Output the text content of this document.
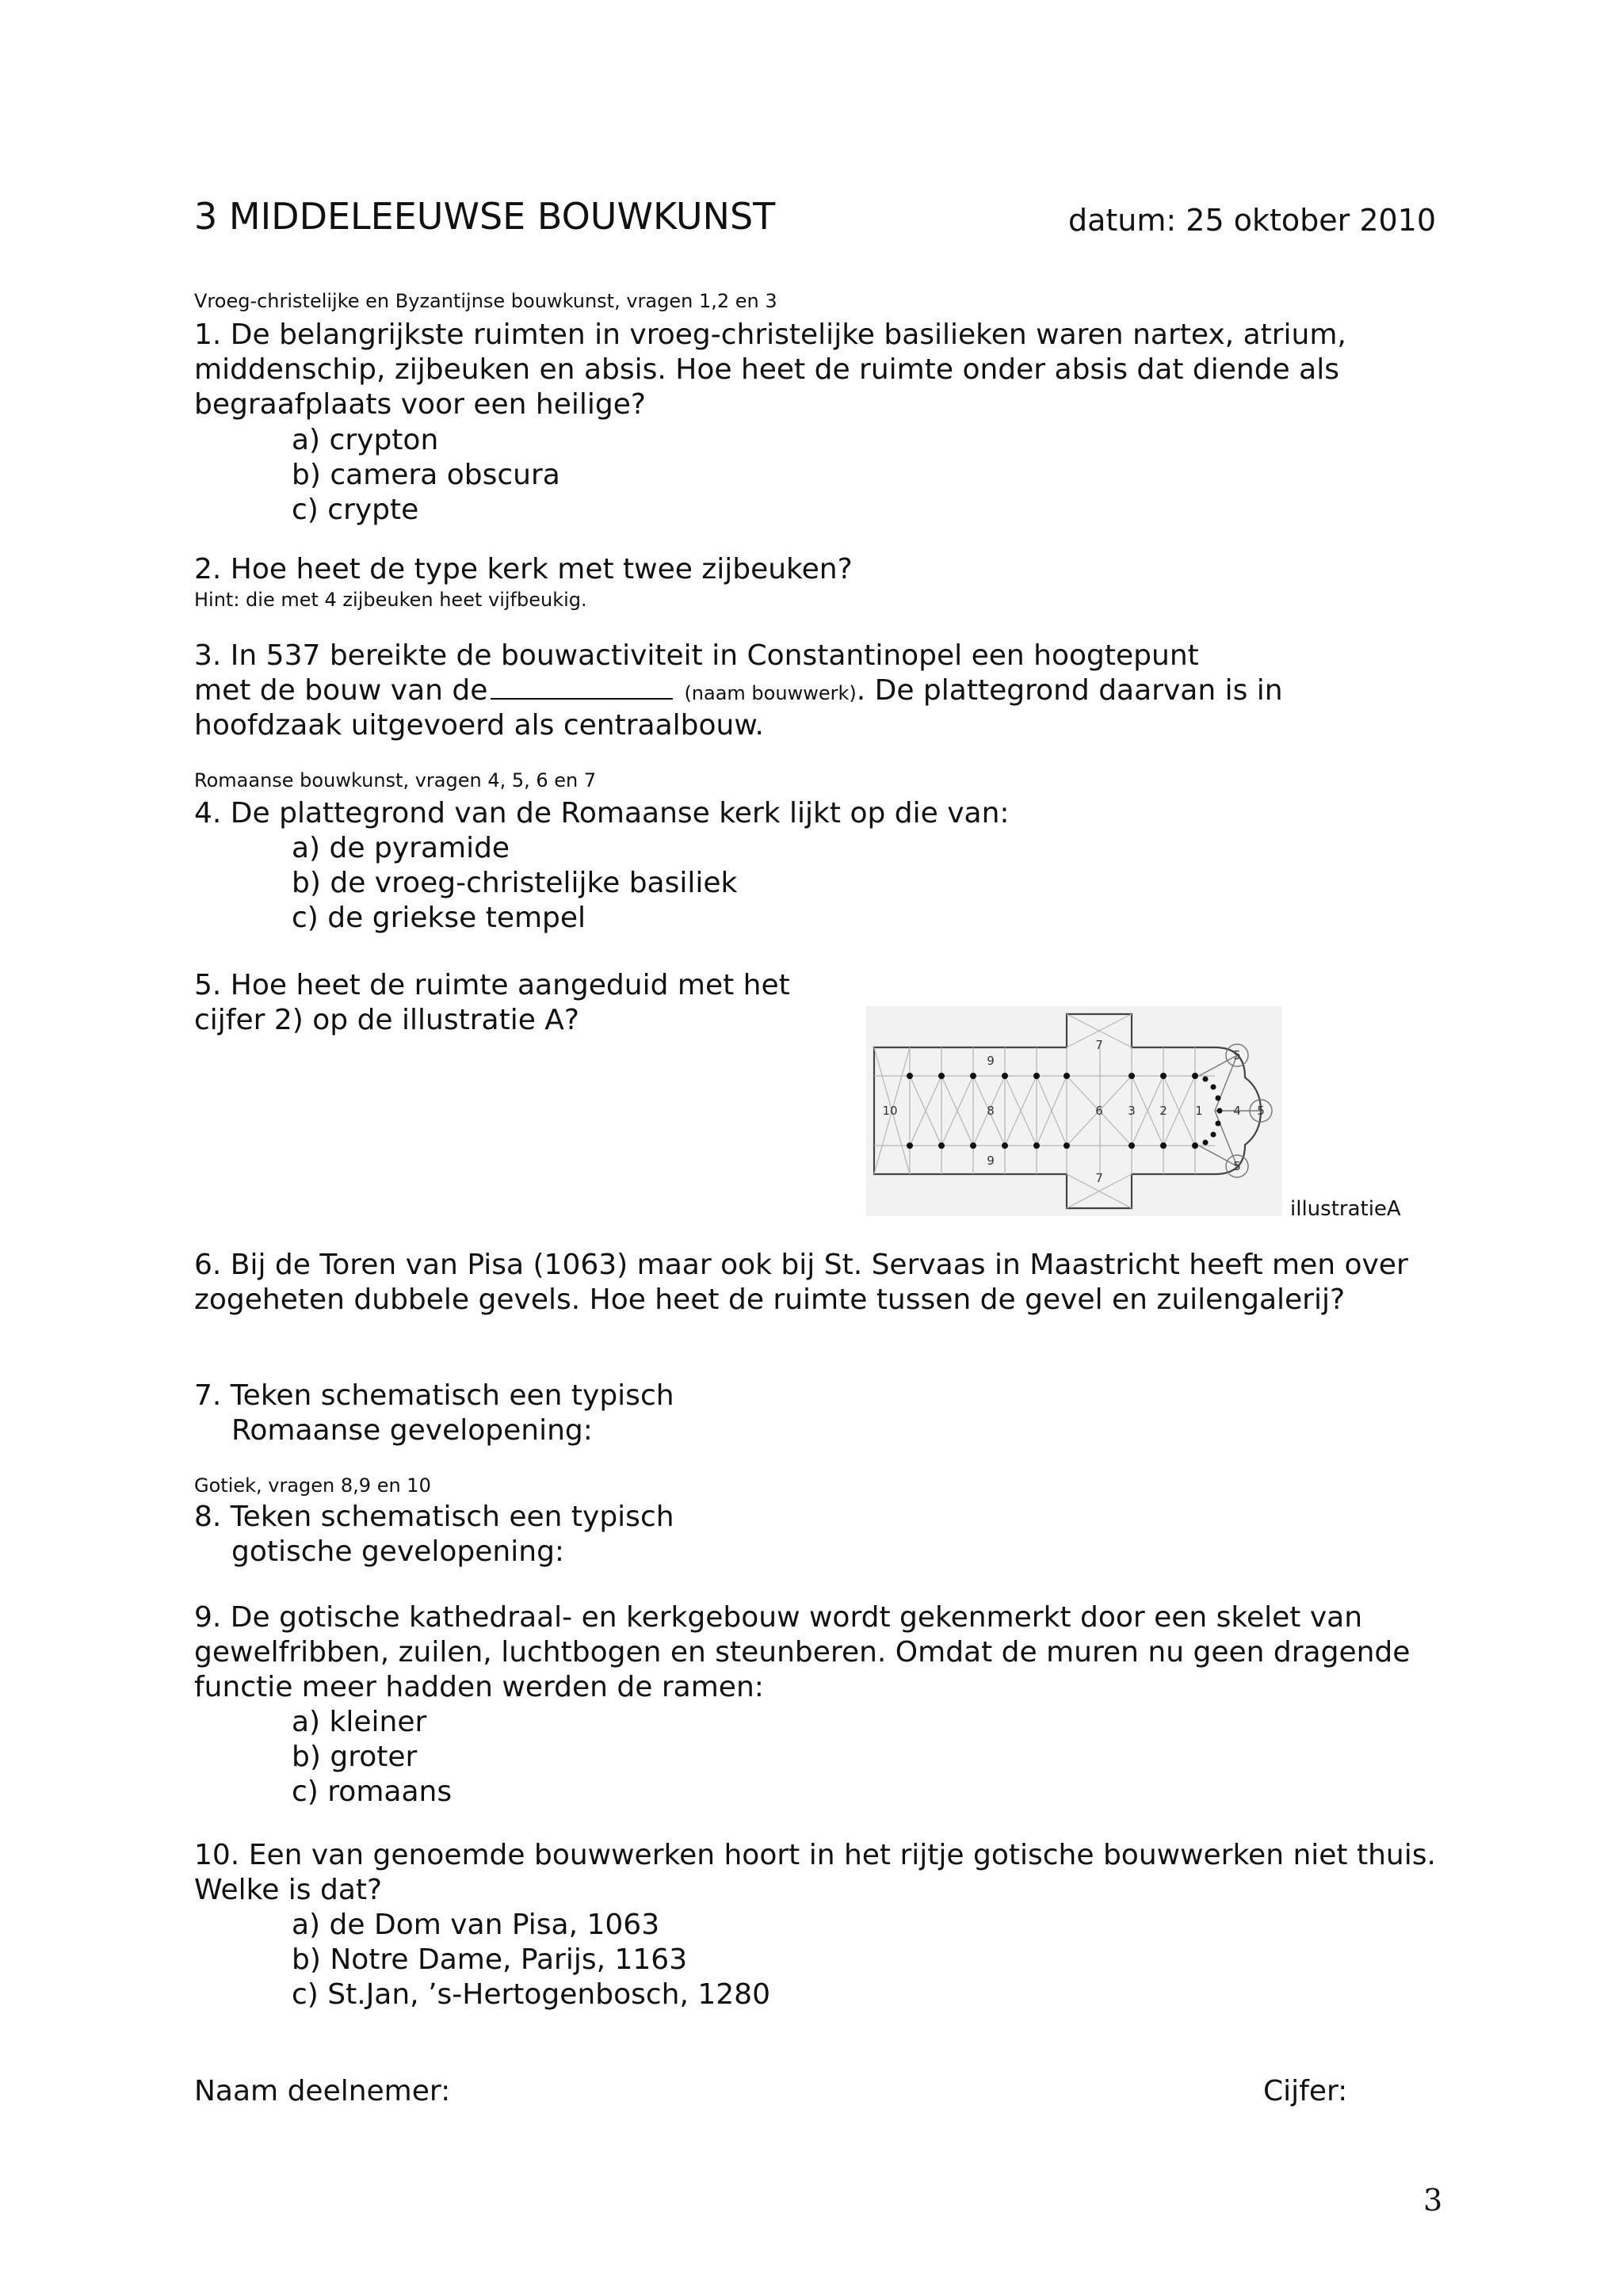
3 MIDDELEEUWSE BOUWKUNST	datum: 25 oktober 2010
Vroeg-christelijke en Byzantijnse bouwkunst, vragen 1,2 en 3
1. De belangrijkste ruimten in vroeg-christelijke basilieken waren nartex, atrium,
middenschip, zijbeuken en absis. Hoe heet de ruimte onder absis dat diende als
begraafplaats voor een heilige?
a) crypton
b) camera obscura
c) crypte
2. Hoe heet de type kerk met twee zijbeuken?
Hint: die met 4 zijbeuken heet vijfbeukig.
3. In 537 bereikte de bouwactiviteit in Constantinopel een hoogtepunt
met de bouw van de	(naam bouwwerk). De plattegrond daarvan is in
hoofdzaak uitgevoerd als centraalbouw.
Romaanse bouwkunst, vragen 4, 5, 6 en 7
4. De plattegrond van de Romaanse kerk lijkt op die van:
a) de pyramide
b) de vroeg-christelijke basiliek
c) de griekse tempel
5. Hoe heet de ruimte aangeduid met het
cijfer 2) op de illustratie A?
10
9
8
9
7
6
7
3 2 1	4
5
5
5
illustratieA
6. Bij de Toren van Pisa (1063) maar ook bij St. Servaas in Maastricht heeft men over
zogeheten dubbele gevels. Hoe heet de ruimte tussen de gevel en zuilengalerij?
7. Teken schematisch een typisch
Romaanse gevelopening:
Gotiek, vragen 8,9 en 10
8. Teken schematisch een typisch
gotische gevelopening:
9. De gotische kathedraal- en kerkgebouw wordt gekenmerkt door een skelet van
gewelfribben, zuilen, luchtbogen en steunberen. Omdat de muren nu geen dragende
functie meer hadden werden de ramen:
a) kleiner
b) groter
c) romaans
10. Een van genoemde bouwwerken hoort in het rijtje gotische bouwwerken niet thuis.
Welke is dat?
a) de Dom van Pisa, 1063
b) Notre Dame, Parijs, 1163
c) St.Jan, ’s-Hertogenbosch, 1280
Naam deelnemer:	Cijfer:
3
